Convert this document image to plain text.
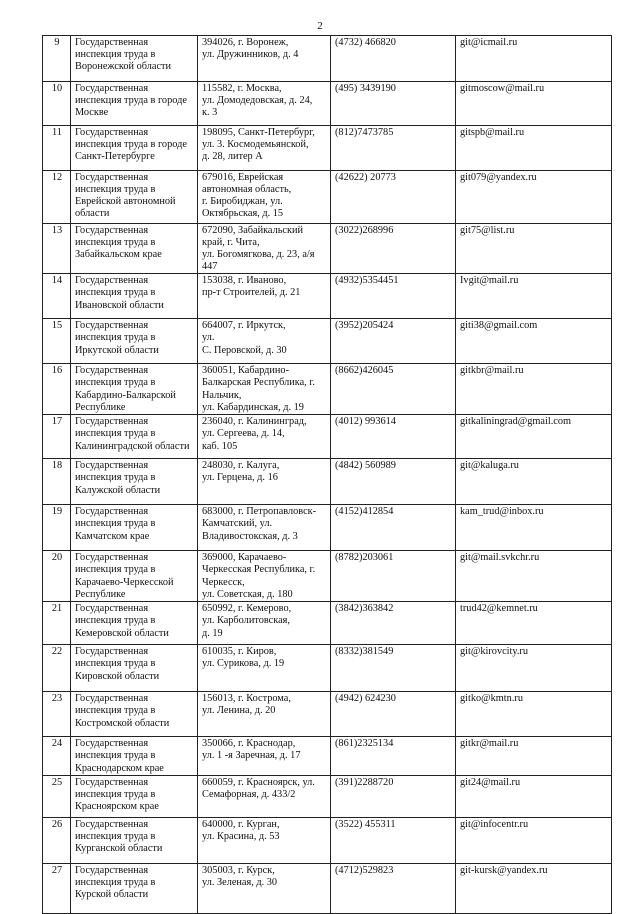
2
9	Государственная
инспекция труда в
Воронежской области	394026, г. Воронеж,
ул. Дружинников, д. 4	(4732) 466820	git@icmail.ru
10	Государственная
инспекция труда в городе
Москве	115582, г. Москва,
ул. Домодедовская, д. 24,
к. 3	(495) 3439190	gitmoscow@mail.ru
11	Государственная
инспекция труда в городе
Санкт-Петербурге	198095, Санкт-Петербург,
ул. 3. Космодемьянской,
д. 28, литер А	(812)7473785	gitspb@mail.ru
12	Государственная
инспекция труда в
Еврейской автономной
области	679016, Еврейская
автономная область,
г. Биробиджан, ул.
Октябрьская, д. 15	(42622) 20773	git079@yandex.ru
13	Государственная
инспекция труда в
Забайкальском крае	672090, Забайкальский
край, г. Чита,
ул. Богомягкова, д. 23, а/я
447	(3022)268996	git75@list.ru
14	Государственная
инспекция труда в
Ивановской области	153038, г. Иваново,
пр-т Строителей, д. 21	(4932)5354451	Ivgit@mail.ru
15	Государственная
инспекция труда в
Иркутской области	664007, г. Иркутск,
ул.
С. Перовской, д. 30	(3952)205424	giti38@gmail.com
16	Государственная
инспекция труда в
Кабардино-Балкарской
Республике	360051, Кабардино-
Балкарская Республика, г.
Нальчик,
ул. Кабардинская, д. 19	(8662)426045	gitkbr@mail.ru
17	Государственная
инспекция труда в
Калининградской области	236040, г. Калининград,
ул. Сергеева, д. 14,
каб. 105	(4012) 993614	gitkaliningrad@gmail.com
18	Государственная
инспекция труда в
Калужской области	248030, г. Калуга,
ул. Герцена, д. 16	(4842) 560989	git@kaluga.ru
19	Государственная
инспекция труда в
Камчатском крае	683000, г. Петропавловск-
Камчатский, ул.
Владивостокская, д. 3	(4152)412854	kam_trud@inbox.ru
20	Государственная
инспекция труда в
Карачаево-Черкесской
Республике	369000, Карачаево-
Черкесская Республика, г.
Черкесск,
ул. Советская, д. 180	(8782)203061	git@mail.svkchr.ru
21	Государственная
инспекция труда в
Кемеровской области	650992, г. Кемерово,
ул. Карболитовская,
д. 19	(3842)363842	trud42@kemnet.ru
22	Государственная
инспекция труда в
Кировской области	610035, г. Киров,
ул. Сурикова, д. 19	(8332)381549	git@kirovcity.ru
23	Государственная
инспекция труда в
Костромской области	156013, г. Кострома,
ул. Ленина, д. 20	(4942) 624230	gitko@kmtn.ru
24	Государственная
инспекция труда в
Краснодарском крае	350066, г. Краснодар,
ул. 1 -я Заречная, д. 17	(861)2325134	gitkr@mail.ru
25	Государственная
инспекция труда в
Красноярском крае	660059, г. Красноярск, ул.
Семафорная, д. 433/2	(391)2288720	git24@mail.ru
26	Государственная
инспекция труда в
Курганской области	640000, г. Курган,
ул. Красина, д. 53	(3522) 455311	git@infocentr.ru
27	Государственная
инспекция труда в
Курской области	305003, г. Курск,
ул. Зеленая, д. 30	(4712)529823	git-kursk@yandex.ru
